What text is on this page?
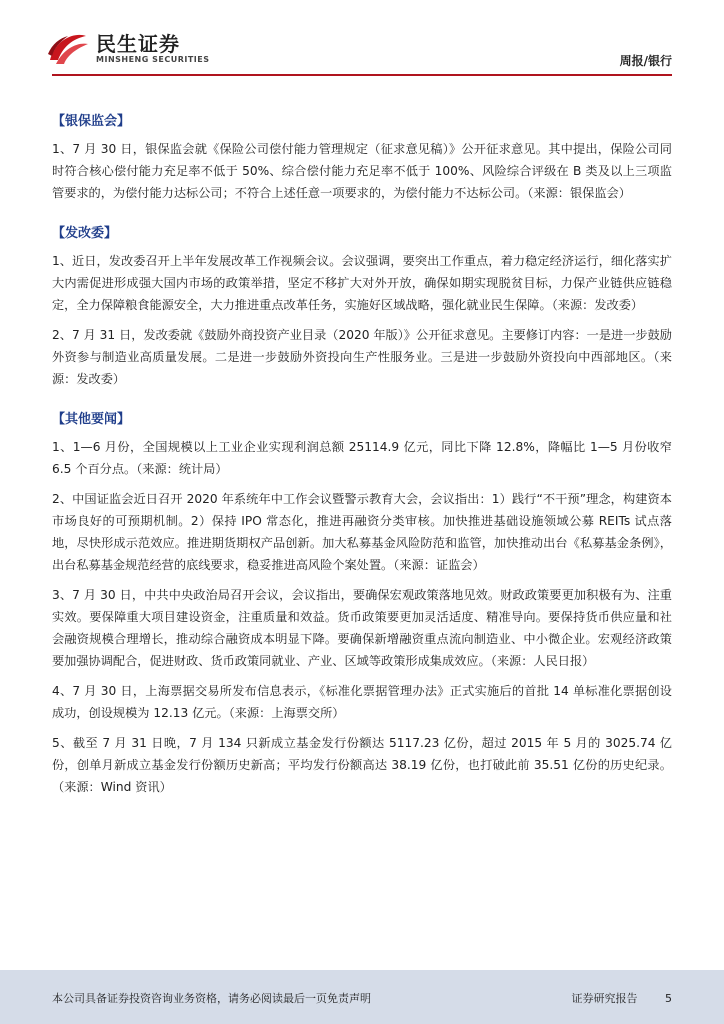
民生证券
MINSHENG SECURITIES	周报/银行
【银保监会】

1、7 月 30 日，银保监会就《保险公司偿付能力管理规定（征求意见稿）》公开征求意见。其中提出，保险公司同时符合核心偿付能力充足率不低于 50%、综合偿付能力充足率不低于 100%、风险综合评级在 B 类及以上三项监管要求的，为偿付能力达标公司；不符合上述任意一项要求的，为偿付能力不达标公司。（来源：银保监会）

【发改委】

1、近日，发改委召开上半年发展改革工作视频会议。会议强调，要突出工作重点，着力稳定经济运行，细化落实扩大内需促进形成强大国内市场的政策举措，坚定不移扩大对外开放，确保如期实现脱贫目标，力保产业链供应链稳定，全力保障粮食能源安全，大力推进重点改革任务，实施好区域战略，强化就业民生保障。（来源：发改委）

2、7 月 31 日，发改委就《鼓励外商投资产业目录（2020 年版）》公开征求意见。主要修订内容：一是进一步鼓励外资参与制造业高质量发展。二是进一步鼓励外资投向生产性服务业。三是进一步鼓励外资投向中西部地区。（来源：发改委）

【其他要闻】

1、1—6 月份，全国规模以上工业企业实现利润总额 25114.9 亿元，同比下降 12.8%，降幅比 1—5 月份收窄 6.5 个百分点。（来源：统计局）

2、中国证监会近日召开 2020 年系统年中工作会议暨警示教育大会，会议指出：1）践行“不干预”理念，构建资本市场良好的可预期机制。2）保持 IPO 常态化，推进再融资分类审核。加快推进基础设施领域公募 REITs 试点落地，尽快形成示范效应。推进期货期权产品创新。加大私募基金风险防范和监管，加快推动出台《私募基金条例》，出台私募基金规范经营的底线要求，稳妥推进高风险个案处置。（来源：证监会）

3、7 月 30 日，中共中央政治局召开会议，会议指出，要确保宏观政策落地见效。财政政策要更加积极有为、注重实效。要保障重大项目建设资金，注重质量和效益。货币政策要更加灵活适度、精准导向。要保持货币供应量和社会融资规模合理增长，推动综合融资成本明显下降。要确保新增融资重点流向制造业、中小微企业。宏观经济政策要加强协调配合，促进财政、货币政策同就业、产业、区域等政策形成集成效应。（来源：人民日报）

4、7 月 30 日，上海票据交易所发布信息表示，《标准化票据管理办法》正式实施后的首批 14 单标准化票据创设成功，创设规模为 12.13 亿元。（来源：上海票交所）

5、截至 7 月 31 日晚，7 月 134 只新成立基金发行份额达 5117.23 亿份，超过 2015 年 5 月的 3025.74 亿份，创单月新成立基金发行份额历史新高；平均发行份额高达 38.19 亿份，也打破此前 35.51 亿份的历史纪录。（来源：Wind 资讯）

本公司具备证券投资咨询业务资格，请务必阅读最后一页免责声明	证券研究报告	5
